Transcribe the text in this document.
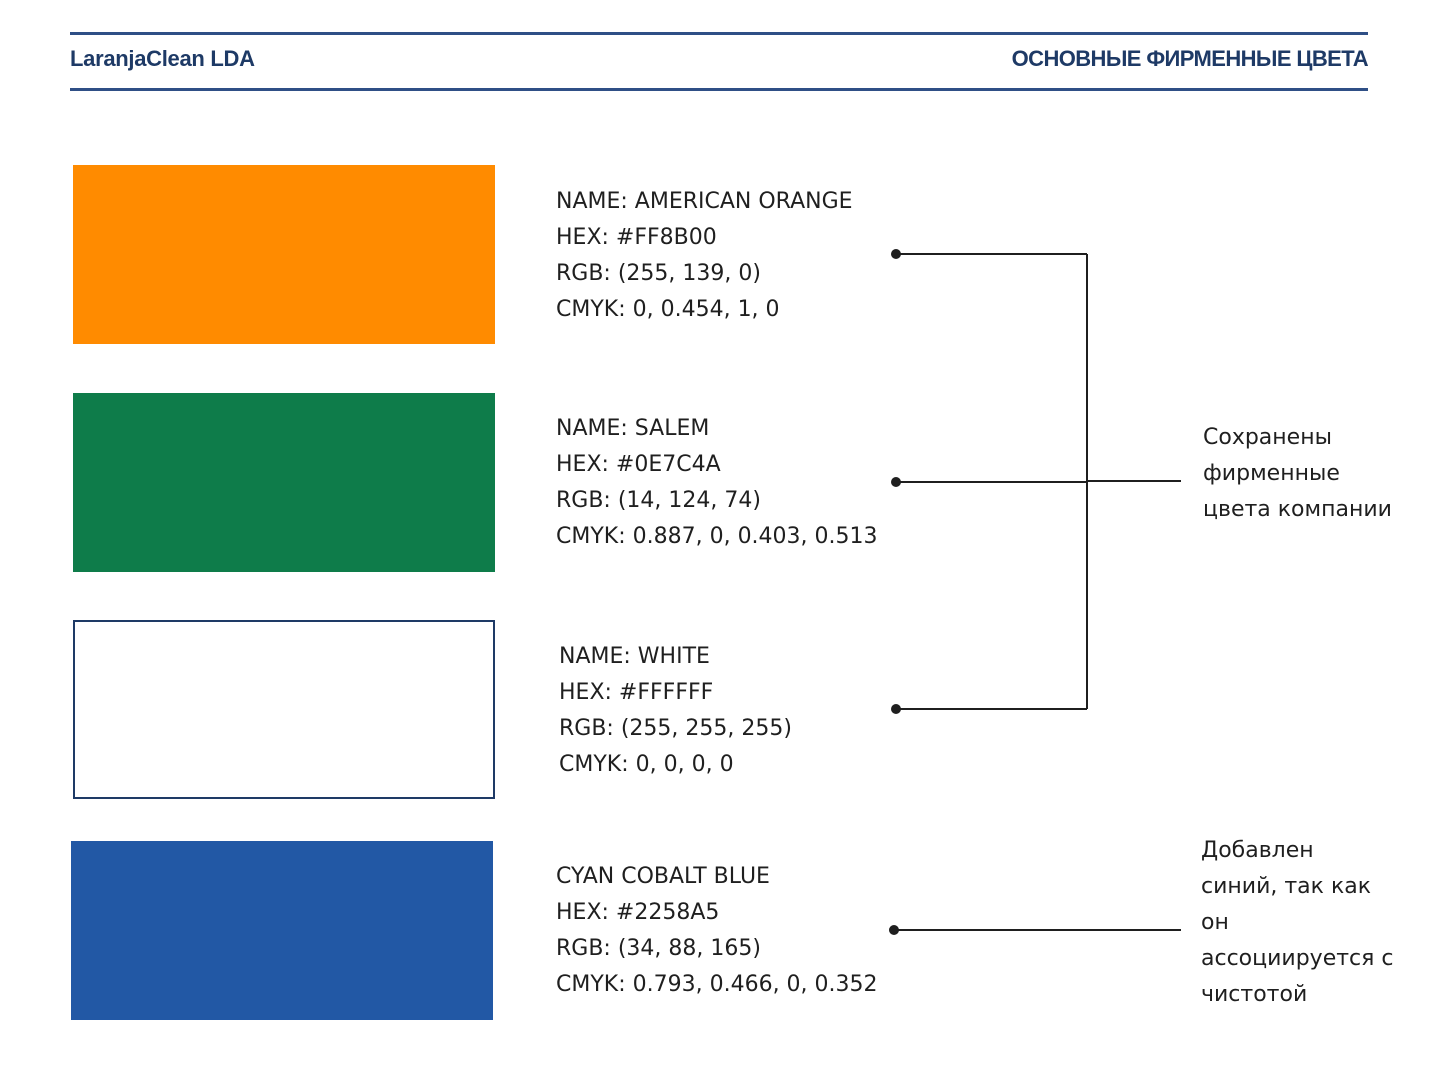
LaranjaClean LDA	ОСНОВНЫЕ ФИРМЕННЫЕ ЦВЕТА
NAME: AMERICAN ORANGE
HEX: #FF8B00
RGB: (255, 139, 0)
CMYK: 0, 0.454, 1, 0
NAME: SALEM
HEX: #0E7C4A
RGB: (14, 124, 74)
CMYK: 0.887, 0, 0.403, 0.513
NAME: WHITE
HEX: #FFFFFF
RGB: (255, 255, 255)
CMYK: 0, 0, 0, 0
CYAN COBALT BLUE
HEX: #2258A5
RGB: (34, 88, 165)
CMYK: 0.793, 0.466, 0, 0.352
Сохранены
фирменные
цвета компании
Добавлен
синий, так как
он
ассоциируется с
чистотой
